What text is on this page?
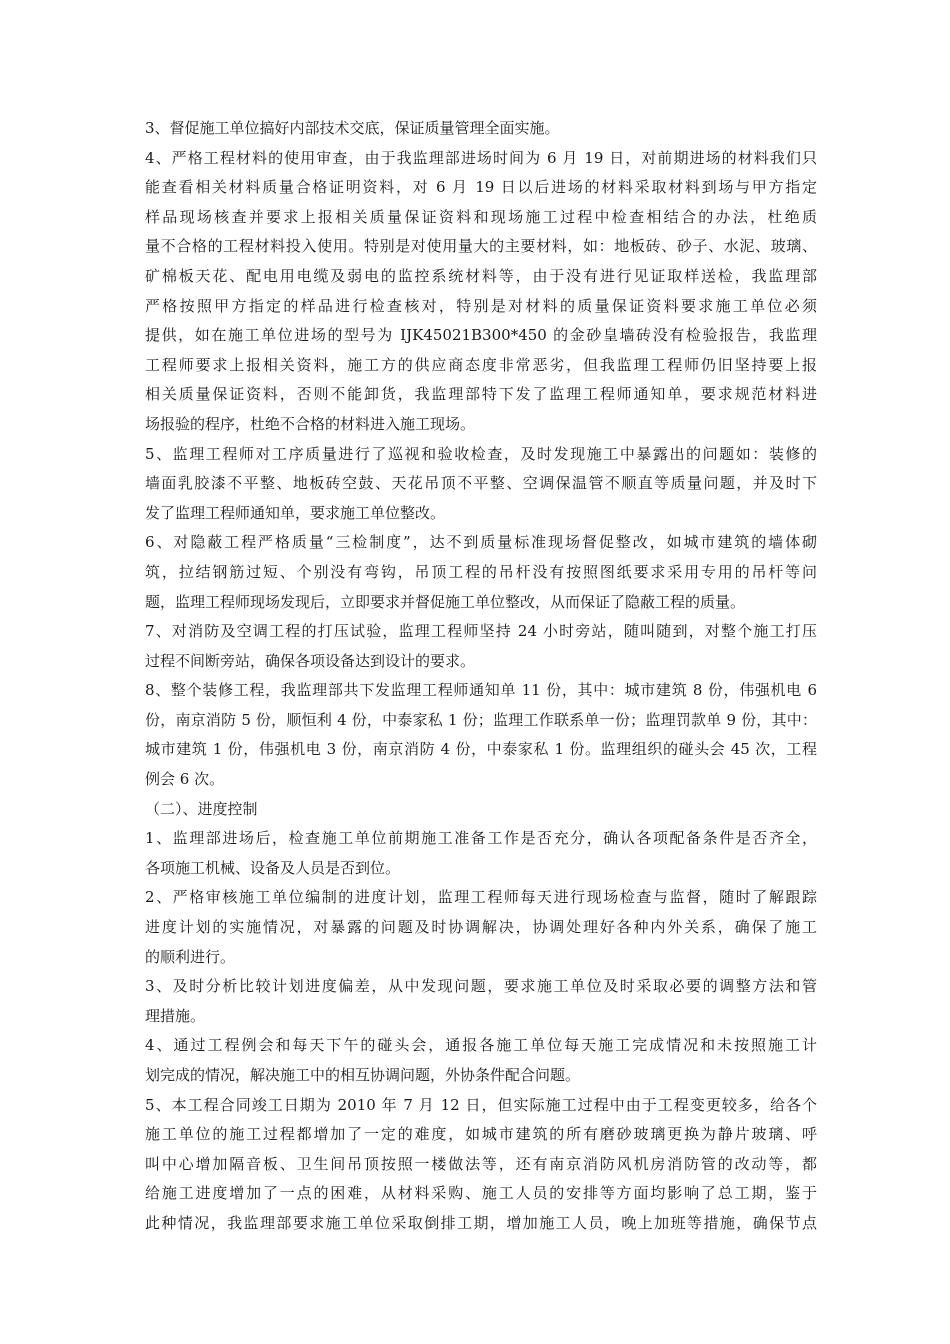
3、督促施工单位搞好内部技术交底，保证质量管理全面实施。
4、严格工程材料的使用审查，由于我监理部进场时间为 6 月 19 日，对前期进场的材料我们只
能查看相关材料质量合格证明资料，对 6 月 19 日以后进场的材料采取材料到场与甲方指定
样品现场核查并要求上报相关质量保证资料和现场施工过程中检查相结合的办法，杜绝质
量不合格的工程材料投入使用。特别是对使用量大的主要材料，如：地板砖、砂子、水泥、玻璃、
矿棉板天花、配电用电缆及弱电的监控系统材料等，由于没有进行见证取样送检，我监理部
严格按照甲方指定的样品进行检查核对，特别是对材料的质量保证资料要求施工单位必须
提供，如在施工单位进场的型号为 IJK45021B300*450 的金砂皇墙砖没有检验报告，我监理
工程师要求上报相关资料，施工方的供应商态度非常恶劣，但我监理工程师仍旧坚持要上报
相关质量保证资料，否则不能卸货，我监理部特下发了监理工程师通知单，要求规范材料进
场报验的程序，杜绝不合格的材料进入施工现场。
5、监理工程师对工序质量进行了巡视和验收检查，及时发现施工中暴露出的问题如：装修的
墙面乳胶漆不平整、地板砖空鼓、天花吊顶不平整、空调保温管不顺直等质量问题，并及时下
发了监理工程师通知单，要求施工单位整改。
6、对隐蔽工程严格质量“三检制度”，达不到质量标准现场督促整改，如城市建筑的墙体砌
筑，拉结钢筋过短、个别没有弯钩，吊顶工程的吊杆没有按照图纸要求采用专用的吊杆等问
题，监理工程师现场发现后，立即要求并督促施工单位整改，从而保证了隐蔽工程的质量。
7、对消防及空调工程的打压试验，监理工程师坚持 24 小时旁站，随叫随到，对整个施工打压
过程不间断旁站，确保各项设备达到设计的要求。
8、整个装修工程，我监理部共下发监理工程师通知单 11 份，其中：城市建筑 8 份，伟强机电 6
份，南京消防 5 份，顺恒利 4 份，中泰家私 1 份；监理工作联系单一份；监理罚款单 9 份，其中：
城市建筑 1 份，伟强机电 3 份，南京消防 4 份，中泰家私 1 份。监理组织的碰头会 45 次，工程
例会 6 次。
（二）、进度控制
1、监理部进场后，检查施工单位前期施工准备工作是否充分，确认各项配备条件是否齐全，
各项施工机械、设备及人员是否到位。
2、严格审核施工单位编制的进度计划，监理工程师每天进行现场检查与监督，随时了解跟踪
进度计划的实施情况，对暴露的问题及时协调解决，协调处理好各种内外关系，确保了施工
的顺利进行。
3、及时分析比较计划进度偏差，从中发现问题，要求施工单位及时采取必要的调整方法和管
理措施。
4、通过工程例会和每天下午的碰头会，通报各施工单位每天施工完成情况和未按照施工计
划完成的情况，解决施工中的相互协调问题，外协条件配合问题。
5、本工程合同竣工日期为 2010 年 7 月 12 日，但实际施工过程中由于工程变更较多，给各个
施工单位的施工过程都增加了一定的难度，如城市建筑的所有磨砂玻璃更换为静片玻璃、呼
叫中心增加隔音板、卫生间吊顶按照一楼做法等，还有南京消防风机房消防管的改动等，都
给施工进度增加了一点的困难，从材料采购、施工人员的安排等方面均影响了总工期，鉴于
此种情况，我监理部要求施工单位采取倒排工期，增加施工人员，晚上加班等措施，确保节点
